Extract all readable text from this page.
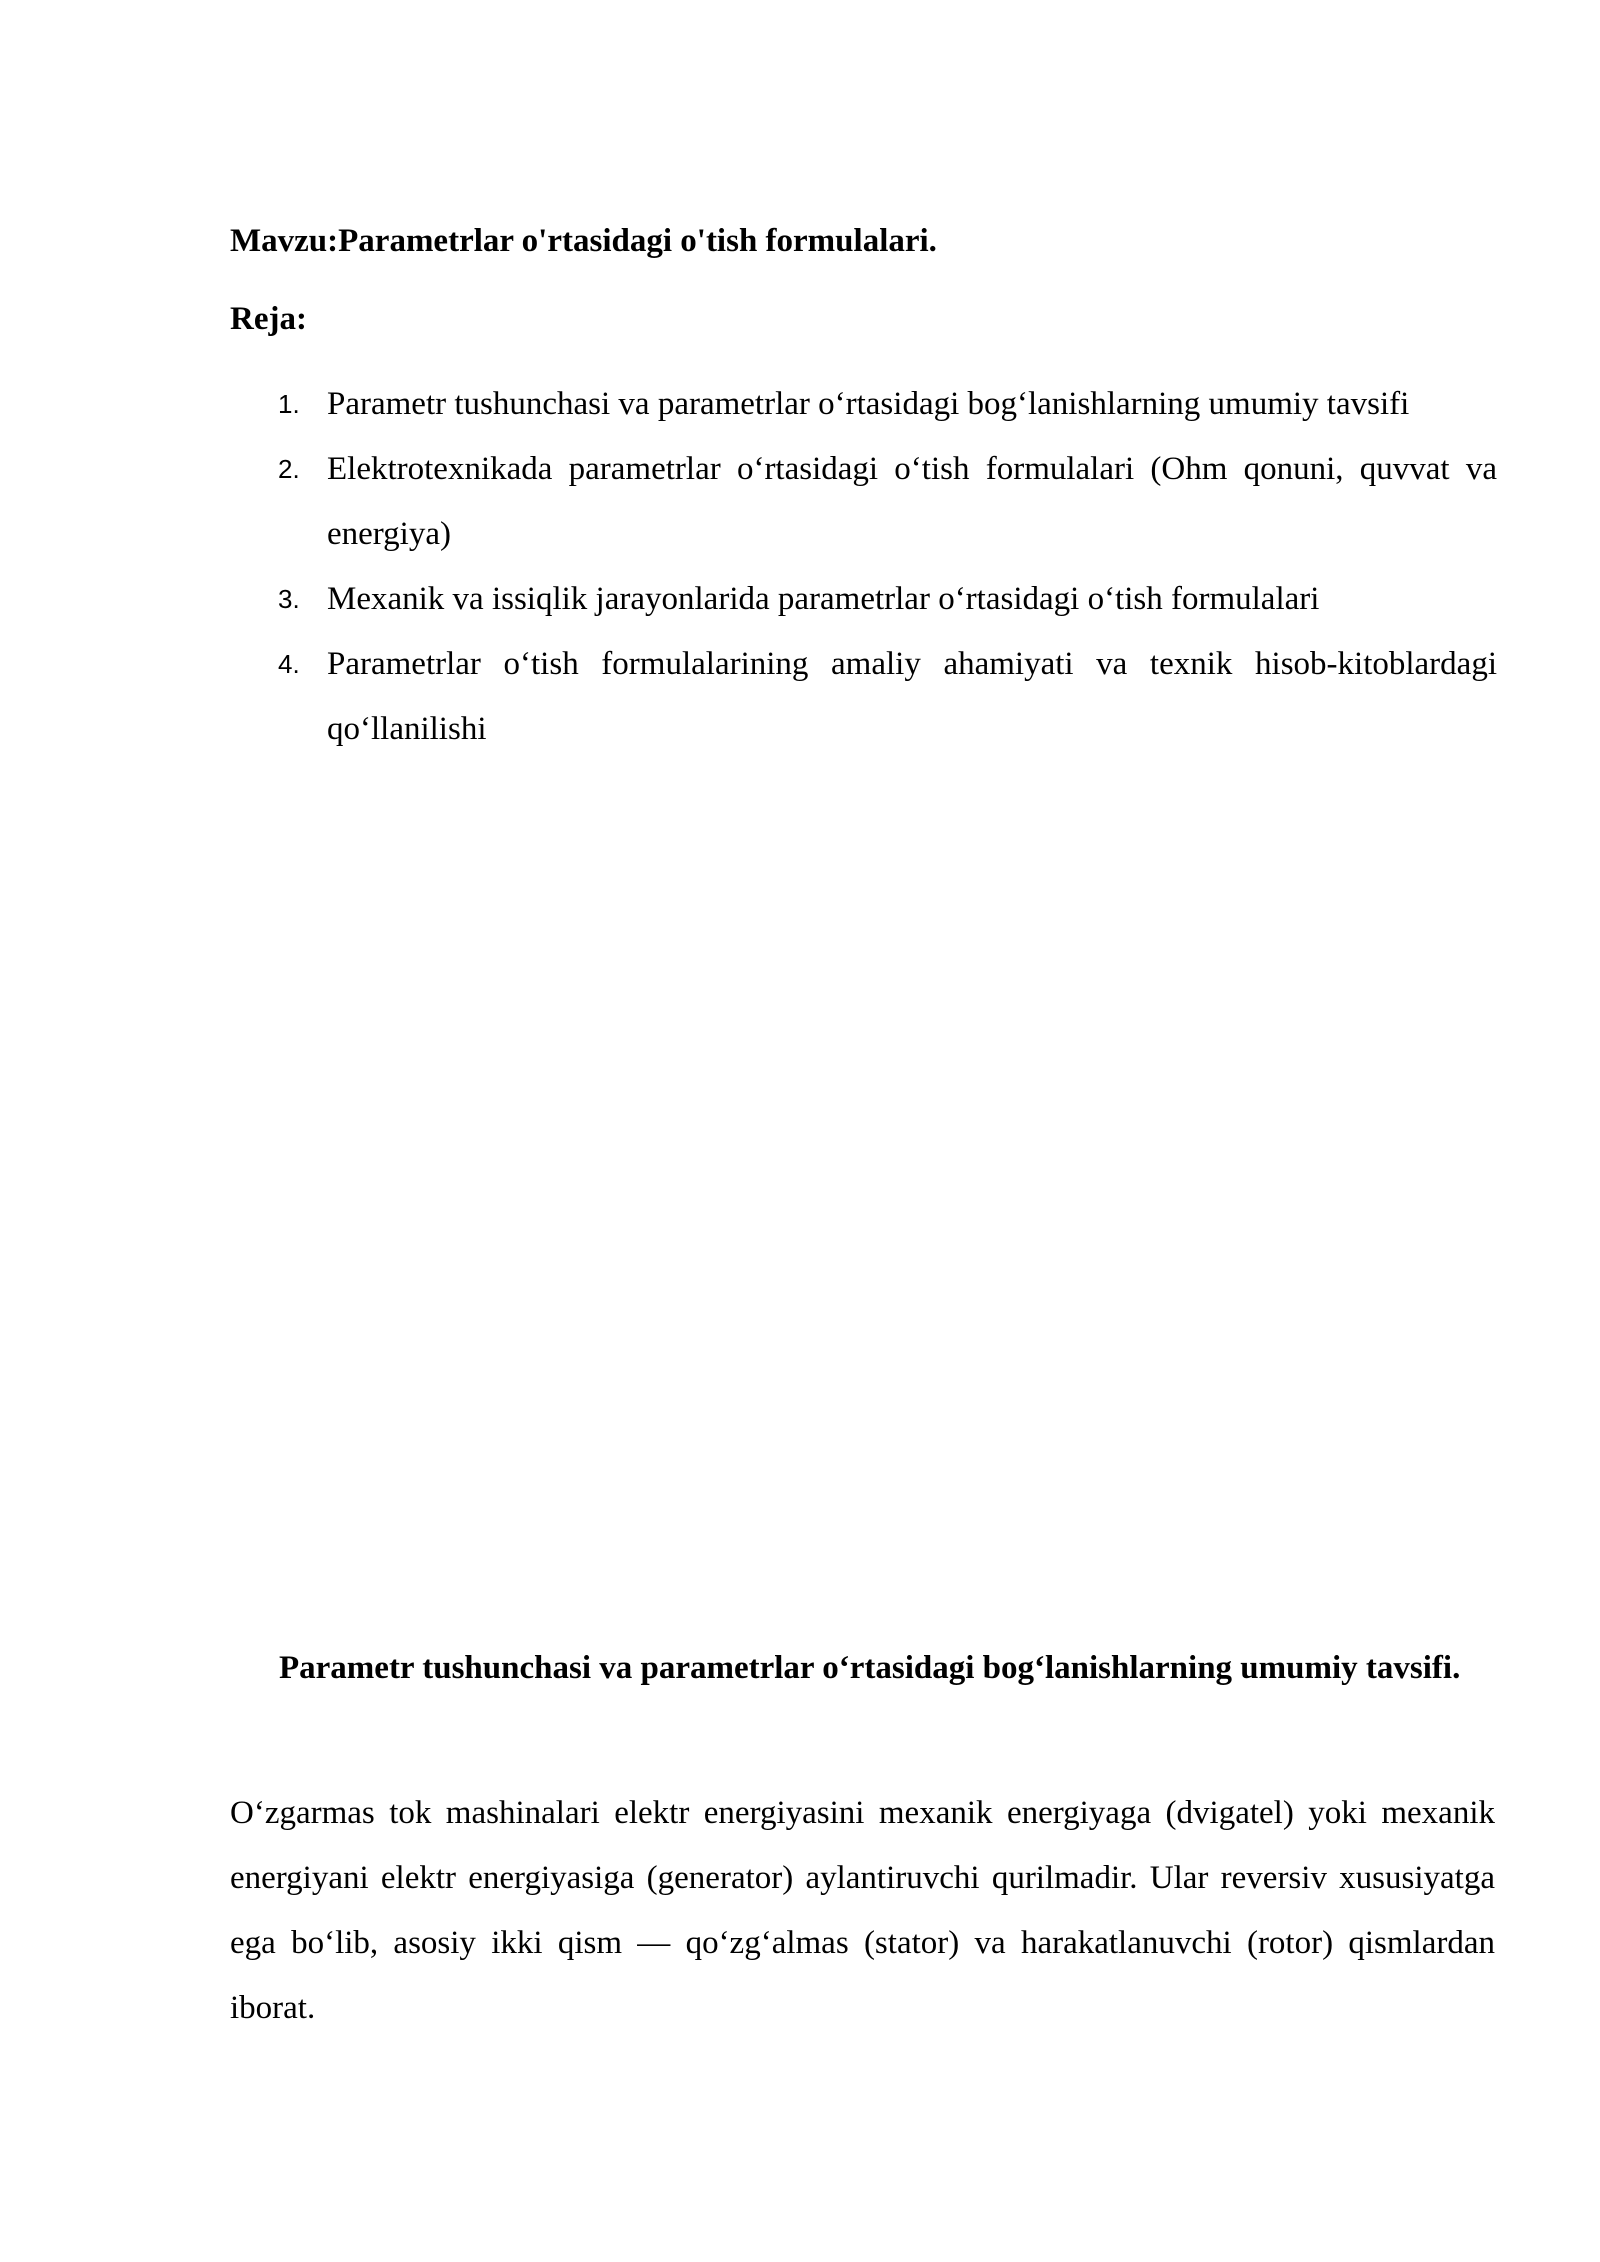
Mavzu:Parametrlar o'rtasidagi o'tish formulalari.
Reja:
1. Parametr tushunchasi va parametrlar o‘rtasidagi bog‘lanishlarning umumiy tavsifi
2. Elektrotexnikada parametrlar o‘rtasidagi o‘tish formulalari (Ohm qonuni, quvvat va energiya)
3. Mexanik va issiqlik jarayonlarida parametrlar o‘rtasidagi o‘tish formulalari
4. Parametrlar o‘tish formulalarining amaliy ahamiyati va texnik hisob-kitoblardagi qo‘llanilishi
Parametr tushunchasi va parametrlar o‘rtasidagi bog‘lanishlarning umumiy tavsifi.

O‘zgarmas tok mashinalari elektr energiyasini mexanik energiyaga (dvigatel) yoki mexanik energiyani elektr energiyasiga (generator) aylantiruvchi qurilmadir. Ular reversiv xususiyatga ega bo‘lib, asosiy ikki qism — qo‘zg‘almas (stator) va harakatlanuvchi (rotor) qismlardan iborat.
